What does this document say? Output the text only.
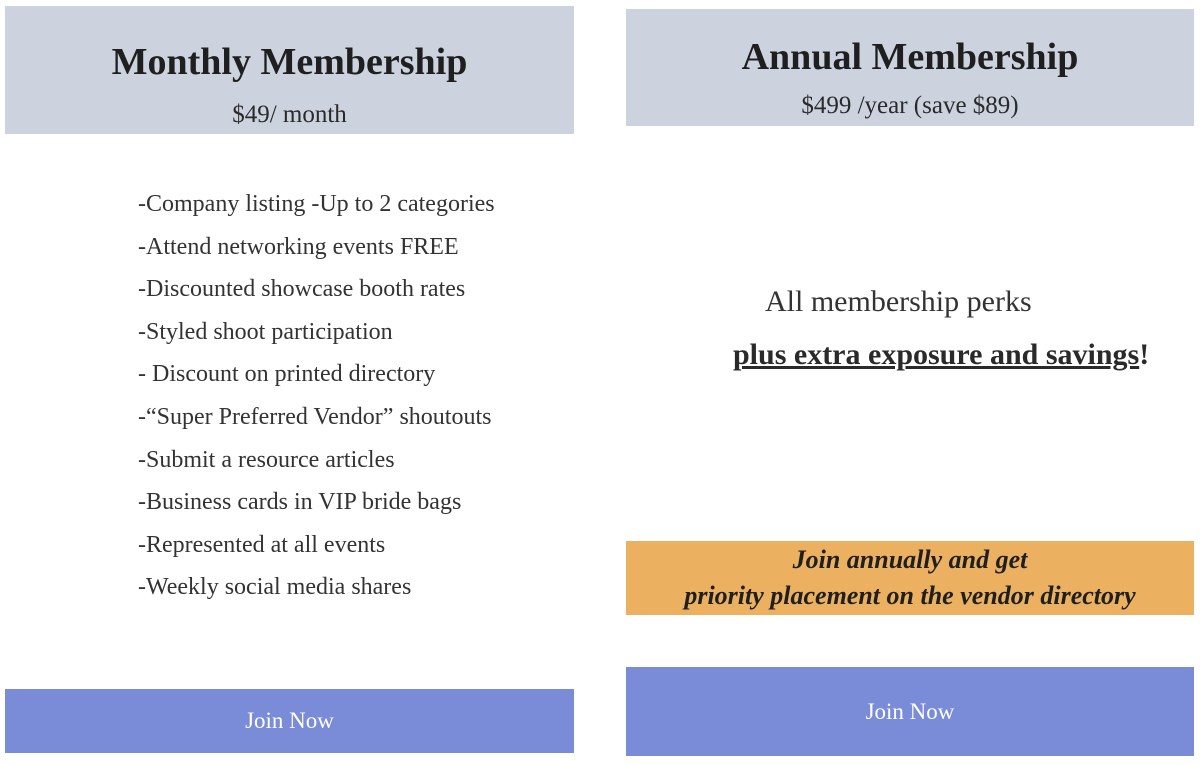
Monthly Membership
$49/ month
-Company listing -Up to 2 categories
-Attend networking events FREE
-Discounted showcase booth rates
-Styled shoot participation
- Discount on printed directory
-“Super Preferred Vendor” shoutouts
-Submit a resource articles
-Business cards in VIP bride bags
-Represented at all events
-Weekly social media shares
Join Now
Annual Membership
$499 /year (save $89)
All membership perks
plus extra exposure and savings!
Join annually and get
priority placement on the vendor directory
Join Now
